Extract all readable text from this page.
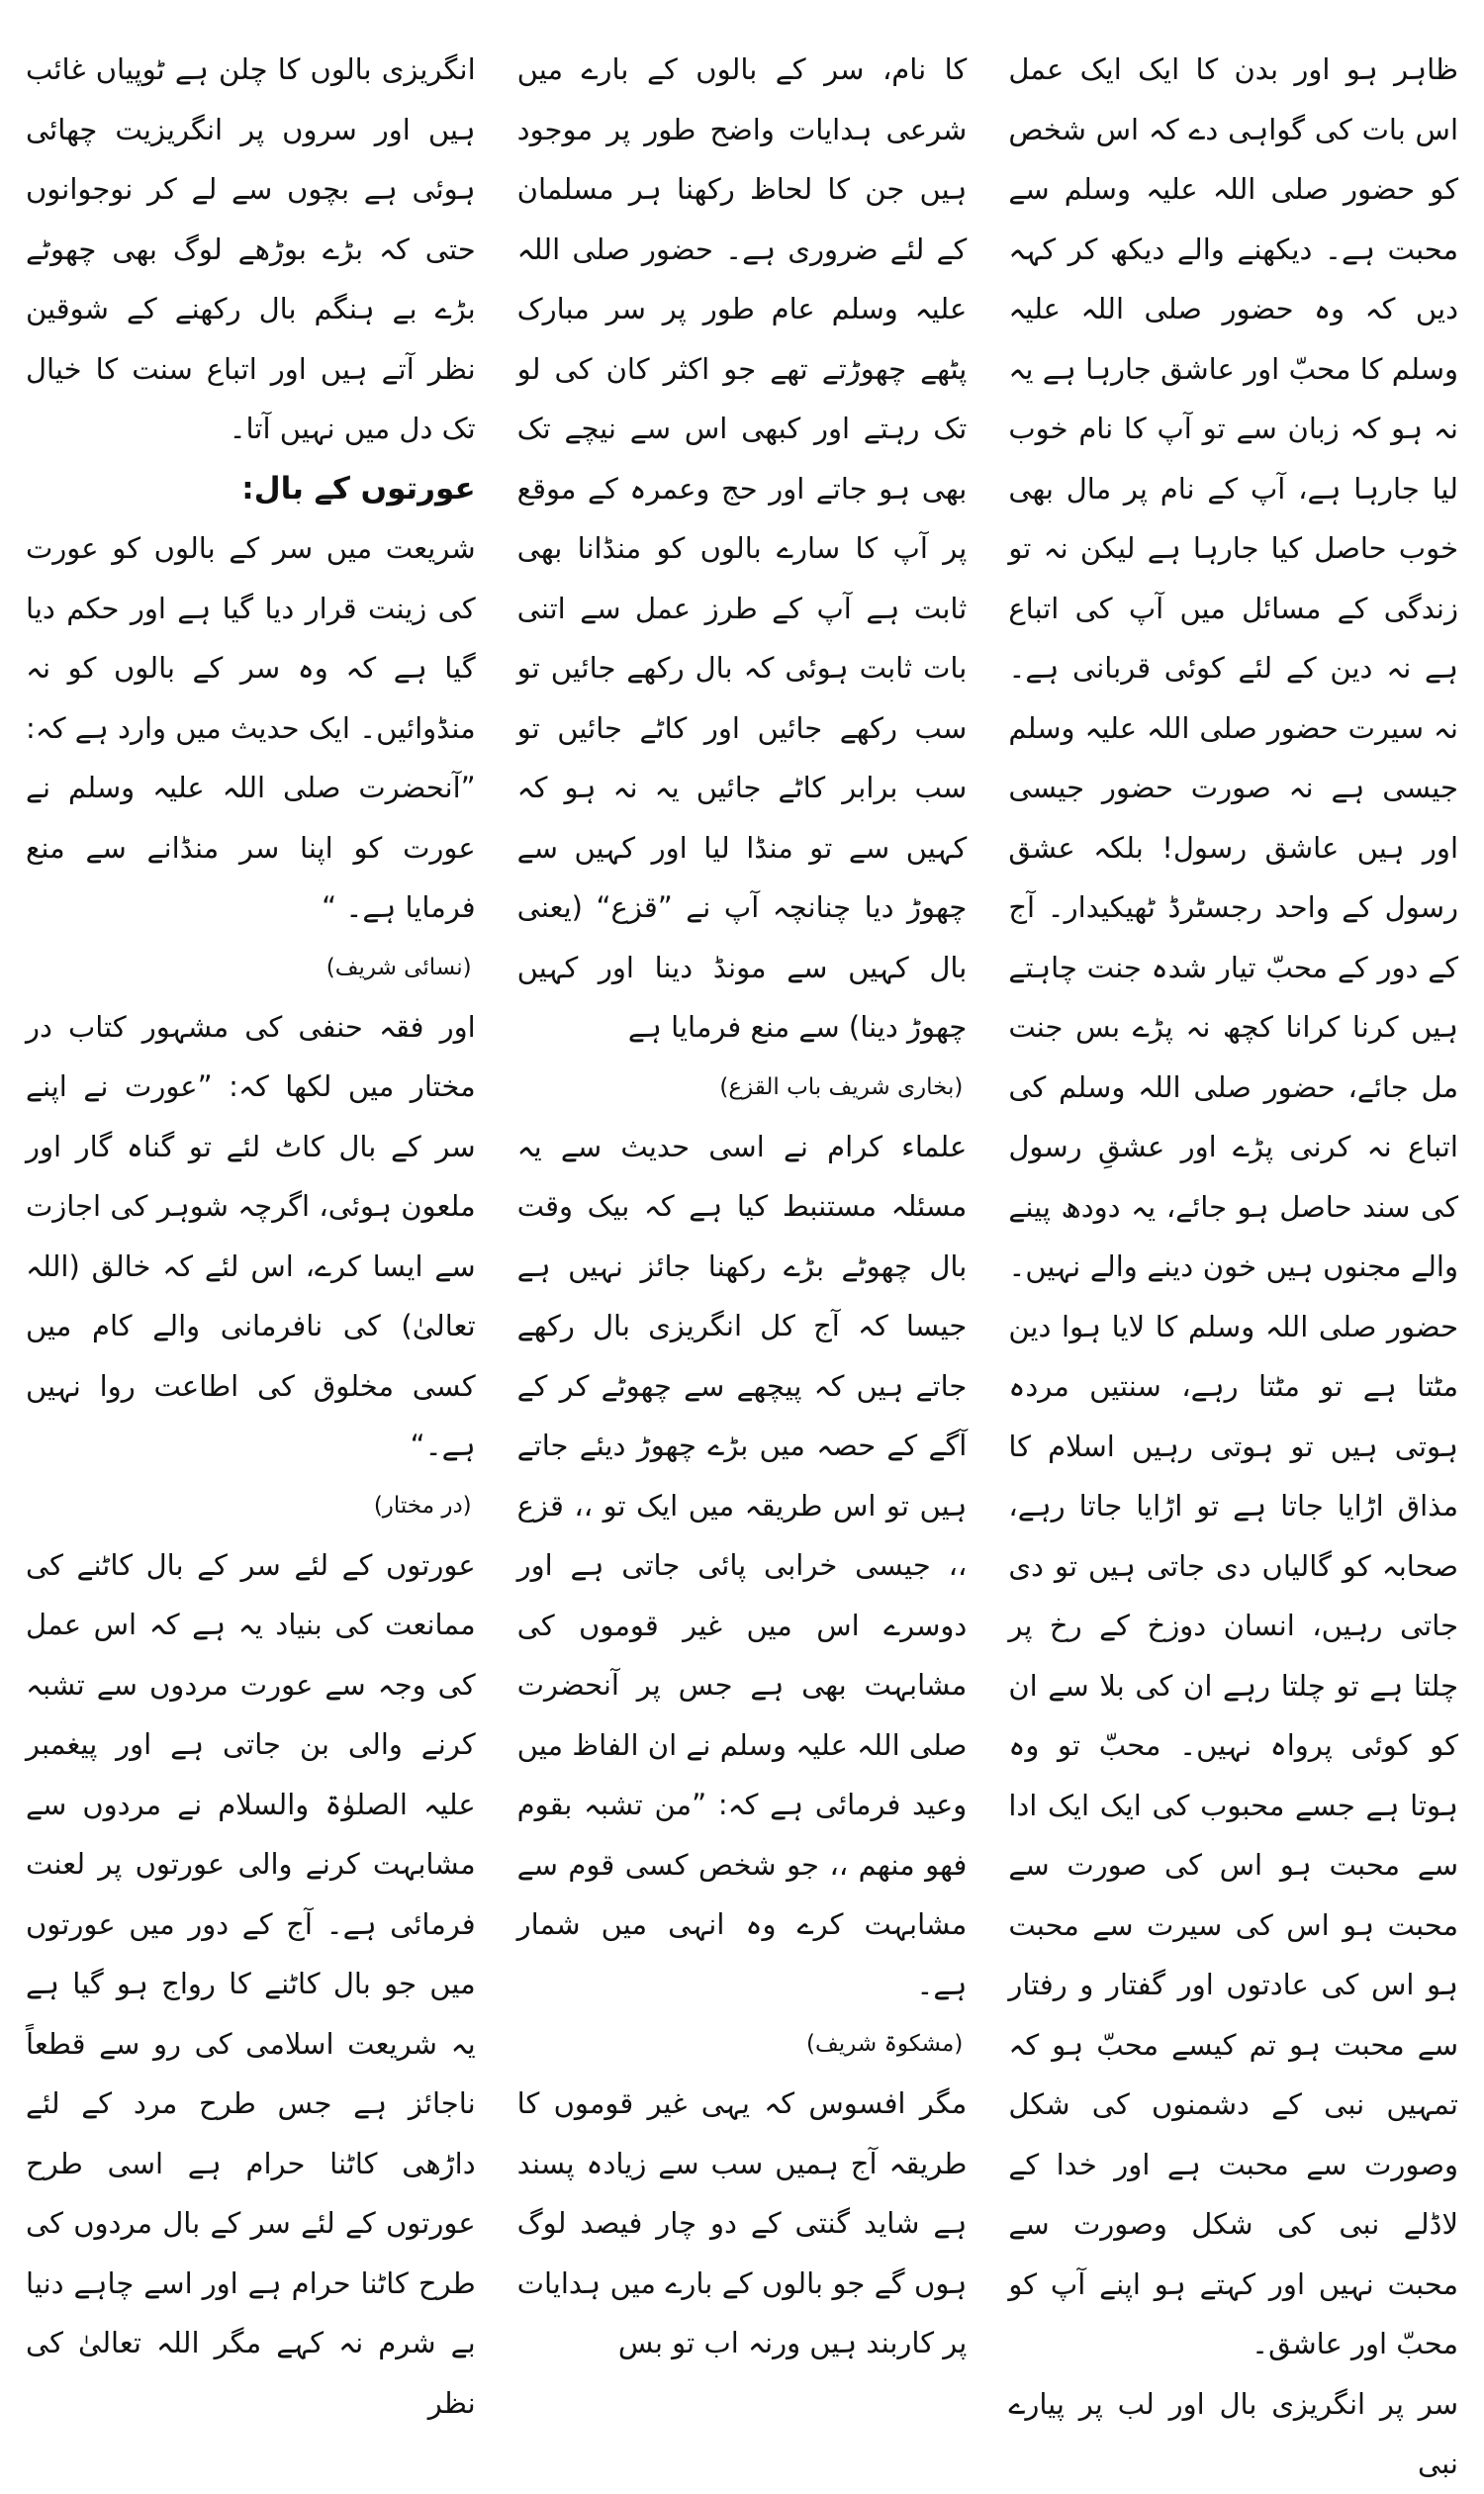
ظاہر ہو اور بدن کا ایک ایک عمل اس بات کی گواہی دے کہ اس شخص کو حضور صلی اللہ علیہ وسلم سے محبت ہے۔ دیکھنے والے دیکھ کر کہہ دیں کہ وہ حضور صلی اللہ علیہ وسلم کا محبّ اور عاشق جارہا ہے یہ نہ ہو کہ زبان سے تو آپ کا نام خوب لیا جارہا ہے، آپ کے نام پر مال بھی خوب حاصل کیا جارہا ہے لیکن نہ تو زندگی کے مسائل میں آپ کی اتباع ہے نہ دین کے لئے کوئی قربانی ہے۔ نہ سیرت حضور صلی اللہ علیہ وسلم جیسی ہے نہ صورت حضور جیسی اور ہیں عاشق رسول! بلکہ عشق رسول کے واحد رجسٹرڈ ٹھیکیدار۔ آج کے دور کے محبّ تیار شدہ جنت چاہتے ہیں کرنا کرانا کچھ نہ پڑے بس جنت مل جائے، حضور صلی اللہ وسلم کی اتباع نہ کرنی پڑے اور عشقِ رسول کی سند حاصل ہو جائے، یہ دودھ پینے والے مجنوں ہیں خون دینے والے نہیں۔ حضور صلی اللہ وسلم کا لایا ہوا دین مٹتا ہے تو مٹتا رہے، سنتیں مردہ ہوتی ہیں تو ہوتی رہیں اسلام کا مذاق اڑایا جاتا ہے تو اڑایا جاتا رہے، صحابہ کو گالیاں دی جاتی ہیں تو دی جاتی رہیں، انسان دوزخ کے رخ پر چلتا ہے تو چلتا رہے ان کی بلا سے ان کو کوئی پرواہ نہیں۔ محبّ تو وہ ہوتا ہے جسے محبوب کی ایک ایک ادا سے محبت ہو اس کی صورت سے محبت ہو اس کی سیرت سے محبت ہو اس کی عادتوں اور گفتار و رفتار سے محبت ہو تم کیسے محبّ ہو کہ تمہیں نبی کے دشمنوں کی شکل وصورت سے محبت ہے اور خدا کے لاڈلے نبی کی شکل وصورت سے محبت نہیں اور کہتے ہو اپنے آپ کو محبّ اور عاشق۔

سر پر انگریزی بال اور لب پر پیارے نبی

کا نام، سر کے بالوں کے بارے میں شرعی ہدایات واضح طور پر موجود ہیں جن کا لحاظ رکھنا ہر مسلمان کے لئے ضروری ہے۔ حضور صلی اللہ علیہ وسلم عام طور پر سر مبارک پٹھے چھوڑتے تھے جو اکثر کان کی لو تک رہتے اور کبھی اس سے نیچے تک بھی ہو جاتے اور حج وعمرہ کے موقع پر آپ کا سارے بالوں کو منڈانا بھی ثابت ہے آپ کے طرز عمل سے اتنی بات ثابت ہوئی کہ بال رکھے جائیں تو سب رکھے جائیں اور کاٹے جائیں تو سب برابر کاٹے جائیں یہ نہ ہو کہ کہیں سے تو منڈا لیا اور کہیں سے چھوڑ دیا چنانچہ آپ نے ”قزع“ (یعنی بال کہیں سے مونڈ دینا اور کہیں چھوڑ دینا) سے منع فرمایا ہے

(بخاری شریف باب القزع)

علماء کرام نے اسی حدیث سے یہ مسئلہ مستنبط کیا ہے کہ بیک وقت بال چھوٹے بڑے رکھنا جائز نہیں ہے جیسا کہ آج کل انگریزی بال رکھے جاتے ہیں کہ پیچھے سے چھوٹے کر کے آگے کے حصہ میں بڑے چھوڑ دیئے جاتے ہیں تو اس طریقہ میں ایک تو ،، قزع ،، جیسی خرابی پائی جاتی ہے اور دوسرے اس میں غیر قوموں کی مشابہت بھی ہے جس پر آنحضرت صلی اللہ علیہ وسلم نے ان الفاظ میں وعید فرمائی ہے کہ: ”من تشبہ بقوم فھو منھم ،، جو شخص کسی قوم سے مشابہت کرے وہ انہی میں شمار ہے۔

(مشکوۃ شریف)

مگر افسوس کہ یہی غیر قوموں کا طریقہ آج ہمیں سب سے زیادہ پسند ہے شاید گنتی کے دو چار فیصد لوگ ہوں گے جو بالوں کے بارے میں ہدایات پر کاربند ہیں ورنہ اب تو بس

انگریزی بالوں کا چلن ہے ٹوپیاں غائب ہیں اور سروں پر انگریزیت چھائی ہوئی ہے بچوں سے لے کر نوجوانوں حتی کہ بڑے بوڑھے لوگ بھی چھوٹے بڑے بے ہنگم بال رکھنے کے شوقین نظر آتے ہیں اور اتباع سنت کا خیال تک دل میں نہیں آتا۔

عورتوں کے بال:

شریعت میں سر کے بالوں کو عورت کی زینت قرار دیا گیا ہے اور حکم دیا گیا ہے کہ وہ سر کے بالوں کو نہ منڈوائیں۔ ایک حدیث میں وارد ہے کہ: ”آنحضرت صلی اللہ علیہ وسلم نے عورت کو اپنا سر منڈانے سے منع فرمایا ہے۔ “

(نسائی شریف)

اور فقہ حنفی کی مشہور کتاب در مختار میں لکھا کہ: ”عورت نے اپنے سر کے بال کاٹ لئے تو گناہ گار اور ملعون ہوئی، اگرچہ شوہر کی اجازت سے ایسا کرے، اس لئے کہ خالق (اللہ تعالیٰ) کی نافرمانی والے کام میں کسی مخلوق کی اطاعت روا نہیں ہے۔“

(در مختار)

عورتوں کے لئے سر کے بال کاٹنے کی ممانعت کی بنیاد یہ ہے کہ اس عمل کی وجہ سے عورت مردوں سے تشبہ کرنے والی بن جاتی ہے اور پیغمبر علیہ الصلوٰۃ والسلام نے مردوں سے مشابہت کرنے والی عورتوں پر لعنت فرمائی ہے۔ آج کے دور میں عورتوں میں جو بال کاٹنے کا رواج ہو گیا ہے یہ شریعت اسلامی کی رو سے قطعاً ناجائز ہے جس طرح مرد کے لئے داڑھی کاٹنا حرام ہے اسی طرح عورتوں کے لئے سر کے بال مردوں کی طرح کاٹنا حرام ہے اور اسے چاہے دنیا بے شرم نہ کہے مگر اللہ تعالیٰ کی نظر
